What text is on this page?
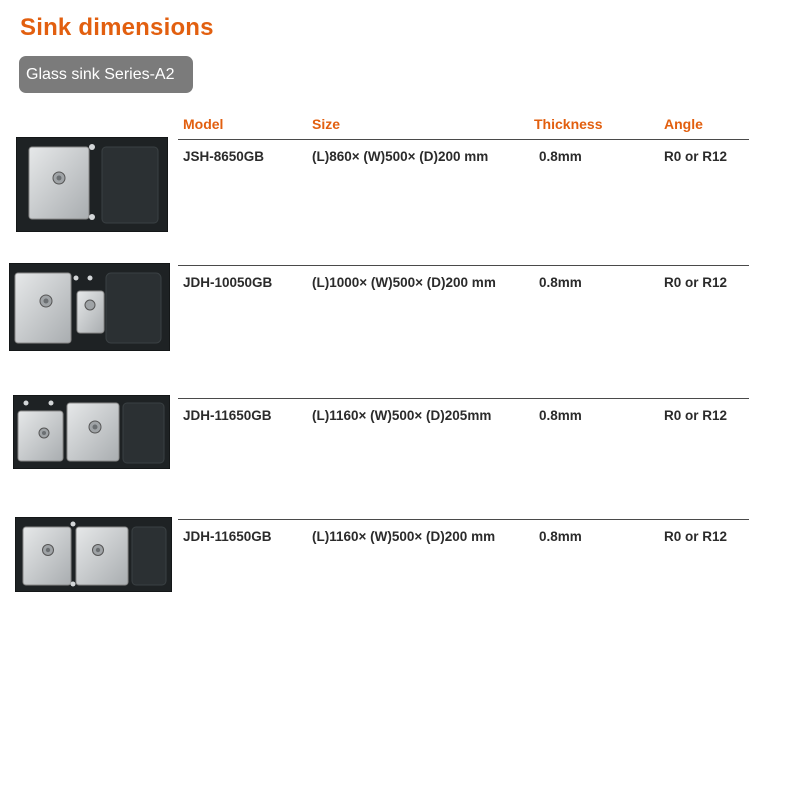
Sink dimensions
Glass sink Series-A2
Model	Size	Thickness	Angle
JSH-8650GB	(L)860× (W)500× (D)200 mm	0.8mm	R0 or R12
JDH-10050GB	(L)1000× (W)500× (D)200 mm	0.8mm	R0 or R12
JDH-11650GB	(L)1160× (W)500× (D)205mm	0.8mm	R0 or R12
JDH-11650GB	(L)1160× (W)500× (D)200 mm	0.8mm	R0 or R12
